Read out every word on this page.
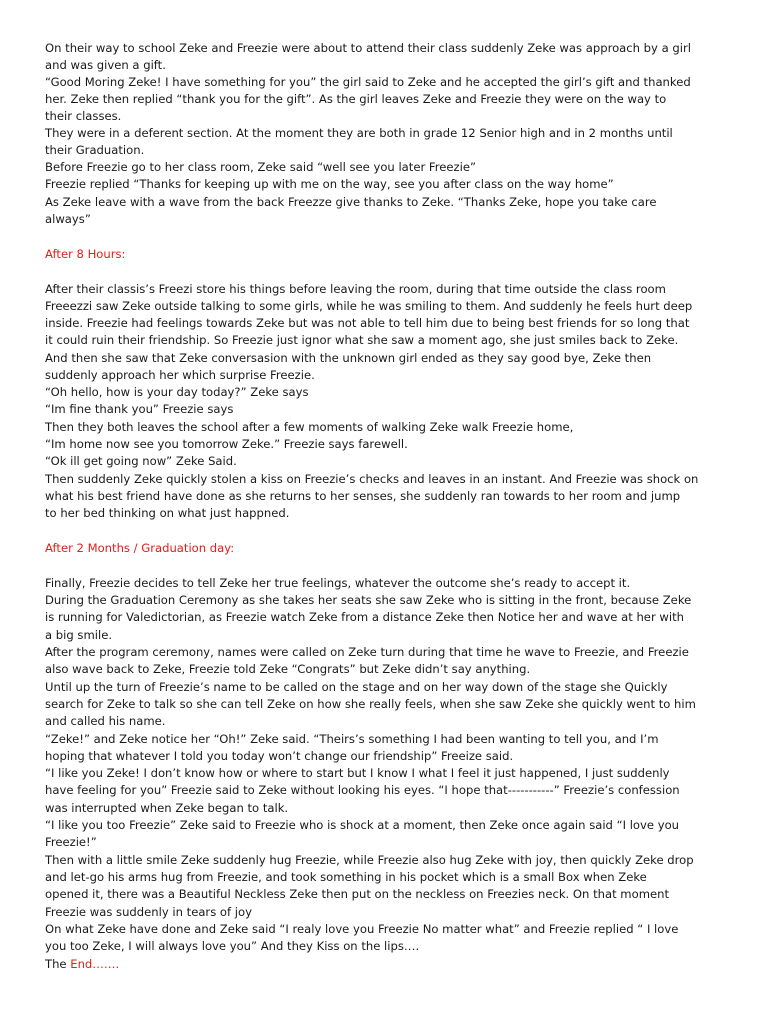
On their way to school Zeke and Freezie were about to attend their class suddenly Zeke was approach by a girl
and was given a gift.
“Good Moring Zeke! I have something for you” the girl said to Zeke and he accepted the girl’s gift and thanked
her. Zeke then replied “thank you for the gift”. As the girl leaves Zeke and Freezie they were on the way to
their classes.
They were in a deferent section. At the moment they are both in grade 12 Senior high and in 2 months until
their Graduation.
Before Freezie go to her class room, Zeke said “well see you later Freezie”
Freezie replied “Thanks for keeping up with me on the way, see you after class on the way home”
As Zeke leave with a wave from the back Freezze give thanks to Zeke. “Thanks Zeke, hope you take care
always”
After 8 Hours:
After their classis’s Freezi store his things before leaving the room, during that time outside the class room
Freeezzi saw Zeke outside talking to some girls, while he was smiling to them. And suddenly he feels hurt deep
inside. Freezie had feelings towards Zeke but was not able to tell him due to being best friends for so long that
it could ruin their friendship. So Freezie just ignor what she saw a moment ago, she just smiles back to Zeke.
And then she saw that Zeke conversasion with the unknown girl ended as they say good bye, Zeke then
suddenly approach her which surprise Freezie.
“Oh hello, how is your day today?” Zeke says
“Im fine thank you” Freezie says
Then they both leaves the school after a few moments of walking Zeke walk Freezie home,
“Im home now see you tomorrow Zeke.” Freezie says farewell.
“Ok ill get going now” Zeke Said.
Then suddenly Zeke quickly stolen a kiss on Freezie’s checks and leaves in an instant. And Freezie was shock on
what his best friend have done as she returns to her senses, she suddenly ran towards to her room and jump
to her bed thinking on what just happned.
After 2 Months / Graduation day:
Finally, Freezie decides to tell Zeke her true feelings, whatever the outcome she’s ready to accept it.
During the Graduation Ceremony as she takes her seats she saw Zeke who is sitting in the front, because Zeke
is running for Valedictorian, as Freezie watch Zeke from a distance Zeke then Notice her and wave at her with
a big smile.
After the program ceremony, names were called on Zeke turn during that time he wave to Freezie, and Freezie
also wave back to Zeke, Freezie told Zeke “Congrats” but Zeke didn’t say anything.
Until up the turn of Freezie’s name to be called on the stage and on her way down of the stage she Quickly
search for Zeke to talk so she can tell Zeke on how she really feels, when she saw Zeke she quickly went to him
and called his name.
“Zeke!” and Zeke notice her “Oh!” Zeke said. “Theirs’s something I had been wanting to tell you, and I’m
hoping that whatever I told you today won’t change our friendship” Freeize said.
“I like you Zeke! I don’t know how or where to start but I know I what I feel it just happened, I just suddenly
have feeling for you” Freezie said to Zeke without looking his eyes. “I hope that-----------” Freezie’s confession
was interrupted when Zeke began to talk.
“I like you too Freezie” Zeke said to Freezie who is shock at a moment, then Zeke once again said “I love you
Freezie!”
Then with a little smile Zeke suddenly hug Freezie, while Freezie also hug Zeke with joy, then quickly Zeke drop
and let-go his arms hug from Freezie, and took something in his pocket which is a small Box when Zeke
opened it, there was a Beautiful Neckless Zeke then put on the neckless on Freezies neck. On that moment
Freezie was suddenly in tears of joy
On what Zeke have done and Zeke said “I realy love you Freezie No matter what” and Freezie replied “ I love
you too Zeke, I will always love you” And they Kiss on the lips….
The End…….
